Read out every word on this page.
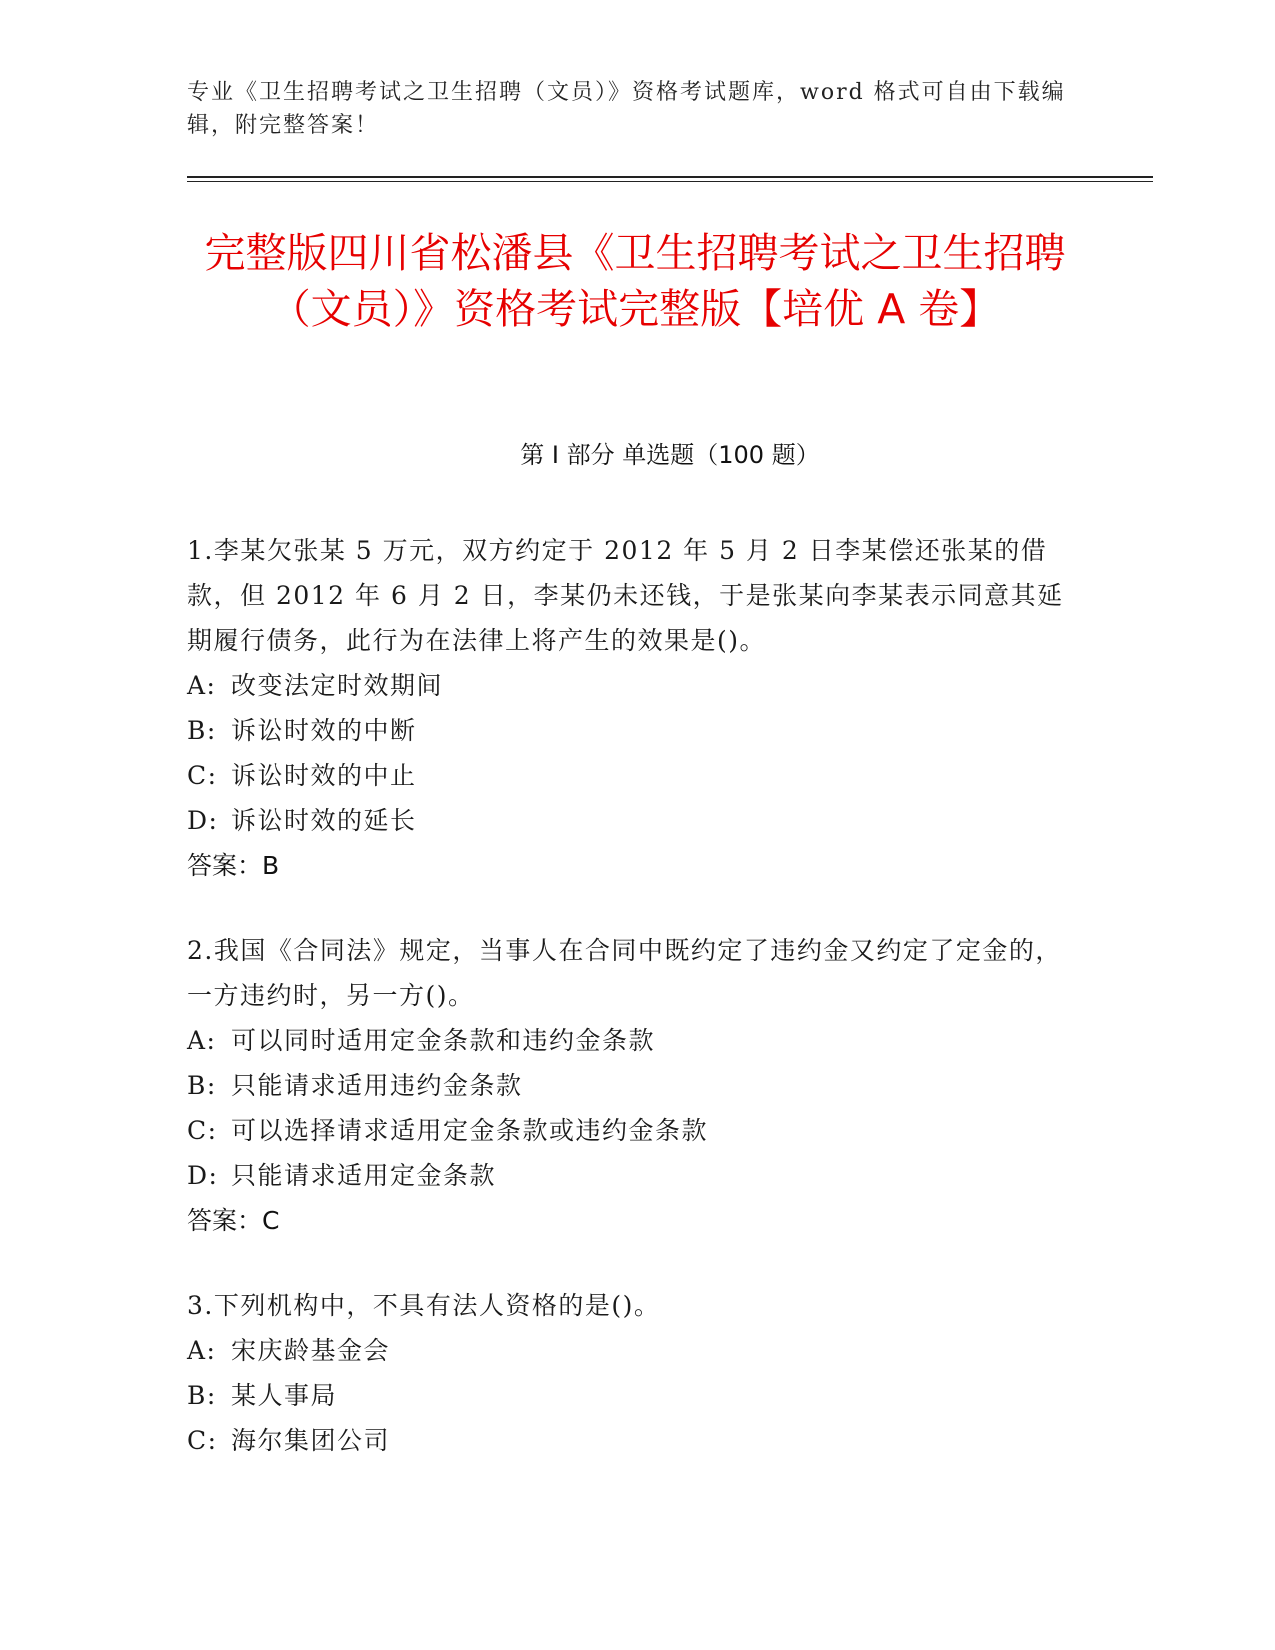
专业《卫生招聘考试之卫生招聘（文员）》资格考试题库，word 格式可自由下载编辑，附完整答案！
完整版四川省松潘县《卫生招聘考试之卫生招聘（文员）》资格考试完整版【培优 A 卷】
第 I 部分 单选题（100 题）
1.李某欠张某 5 万元，双方约定于 2012 年 5 月 2 日李某偿还张某的借款，但 2012 年 6 月 2 日，李某仍未还钱，于是张某向李某表示同意其延期履行债务，此行为在法律上将产生的效果是()。
A: 改变法定时效期间
B: 诉讼时效的中断
C: 诉讼时效的中止
D: 诉讼时效的延长
答案：B
2.我国《合同法》规定，当事人在合同中既约定了违约金又约定了定金的，一方违约时，另一方()。
A: 可以同时适用定金条款和违约金条款
B: 只能请求适用违约金条款
C: 可以选择请求适用定金条款或违约金条款
D: 只能请求适用定金条款
答案：C
3.下列机构中，不具有法人资格的是()。
A: 宋庆龄基金会
B: 某人事局
C: 海尔集团公司
